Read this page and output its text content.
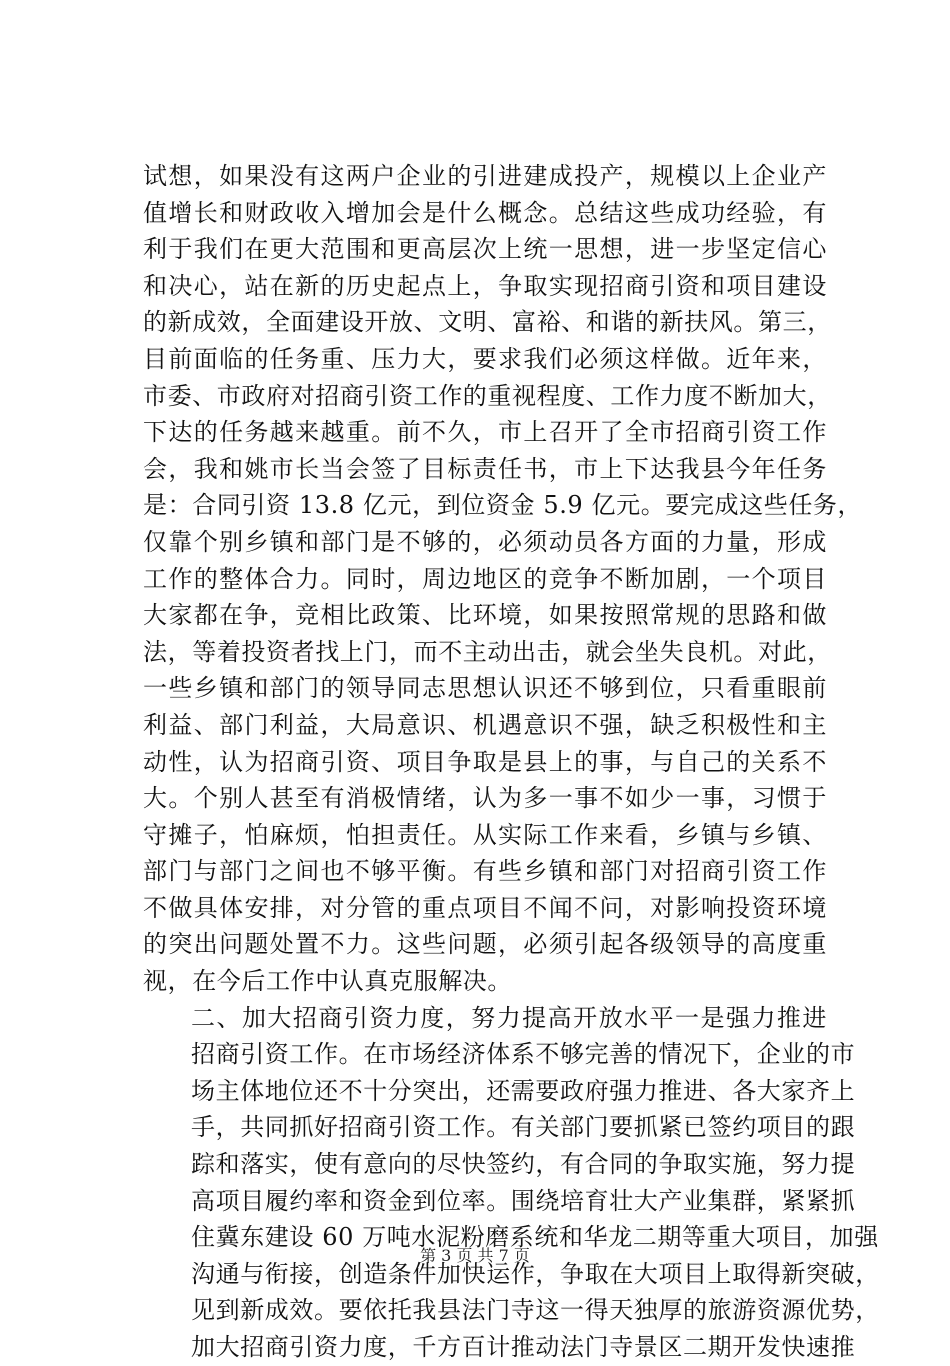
试想，如果没有这两户企业的引进建成投产，规模以上企业产
值增长和财政收入增加会是什么概念。总结这些成功经验，有
利于我们在更大范围和更高层次上统一思想，进一步坚定信心
和决心，站在新的历史起点上，争取实现招商引资和项目建设
的新成效，全面建设开放、文明、富裕、和谐的新扶风。第三，
目前面临的任务重、压力大，要求我们必须这样做。近年来，
市委、市政府对招商引资工作的重视程度、工作力度不断加大，
下达的任务越来越重。前不久，市上召开了全市招商引资工作
会，我和姚市长当会签了目标责任书，市上下达我县今年任务
是：合同引资 13.8 亿元，到位资金 5.9 亿元。要完成这些任务，
仅靠个别乡镇和部门是不够的，必须动员各方面的力量，形成
工作的整体合力。同时，周边地区的竞争不断加剧，一个项目
大家都在争，竞相比政策、比环境，如果按照常规的思路和做
法，等着投资者找上门，而不主动出击，就会坐失良机。对此，
一些乡镇和部门的领导同志思想认识还不够到位，只看重眼前
利益、部门利益，大局意识、机遇意识不强，缺乏积极性和主
动性，认为招商引资、项目争取是县上的事，与自己的关系不
大。个别人甚至有消极情绪，认为多一事不如少一事，习惯于
守摊子，怕麻烦，怕担责任。从实际工作来看，乡镇与乡镇、
部门与部门之间也不够平衡。有些乡镇和部门对招商引资工作
不做具体安排，对分管的重点项目不闻不问，对影响投资环境
的突出问题处置不力。这些问题，必须引起各级领导的高度重
视，在今后工作中认真克服解决。

二、加大招商引资力度，努力提高开放水平一是强力推进
招商引资工作。在市场经济体系不够完善的情况下，企业的市
场主体地位还不十分突出，还需要政府强力推进、各大家齐上
手，共同抓好招商引资工作。有关部门要抓紧已签约项目的跟
踪和落实，使有意向的尽快签约，有合同的争取实施，努力提
高项目履约率和资金到位率。围绕培育壮大产业集群，紧紧抓
住冀东建设 60 万吨水泥粉磨系统和华龙二期等重大项目，加强
沟通与衔接，创造条件加快运作，争取在大项目上取得新突破，
见到新成效。要依托我县法门寺这一得天独厚的旅游资源优势，
加大招商引资力度，千方百计推动法门寺景区二期开发快速推

第 3 页 共 7 页
